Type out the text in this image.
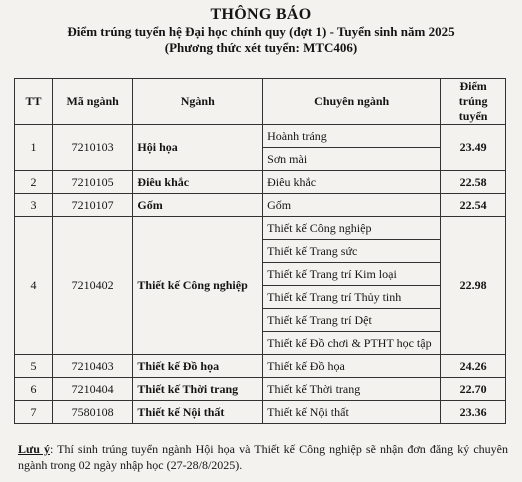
THÔNG BÁO
Điểm trúng tuyển hệ Đại học chính quy (đợt 1) - Tuyển sinh năm 2025
(Phương thức xét tuyển: MTC406)
TT	Mã ngành	Ngành	Chuyên ngành	Điểm
trúng tuyển

1	7210103	Hội họa	Hoành tráng	23.49
			Sơn mài	
2	7210105	Điêu khắc	Điêu khắc	22.58
3	7210107	Gốm	Gốm	22.54
4	7210402	Thiết kế Công nghiệp	Thiết kế Công nghiệp	22.98
			Thiết kế Trang sức	
			Thiết kế Trang trí Kim loại	
			Thiết kế Trang trí Thủy tinh	
			Thiết kế Trang trí Dệt	
			Thiết kế Đồ chơi & PTHT học tập	
5	7210403	Thiết kế Đồ họa	Thiết kế Đồ họa	24.26
6	7210404	Thiết kế Thời trang	Thiết kế Thời trang	22.70
7	7580108	Thiết kế Nội thất	Thiết kế Nội thất	23.36
Lưu ý: Thí sinh trúng tuyển ngành Hội họa và Thiết kế Công nghiệp sẽ nhận đơn đăng ký chuyên ngành trong 02 ngày nhập học (27-28/8/2025).
